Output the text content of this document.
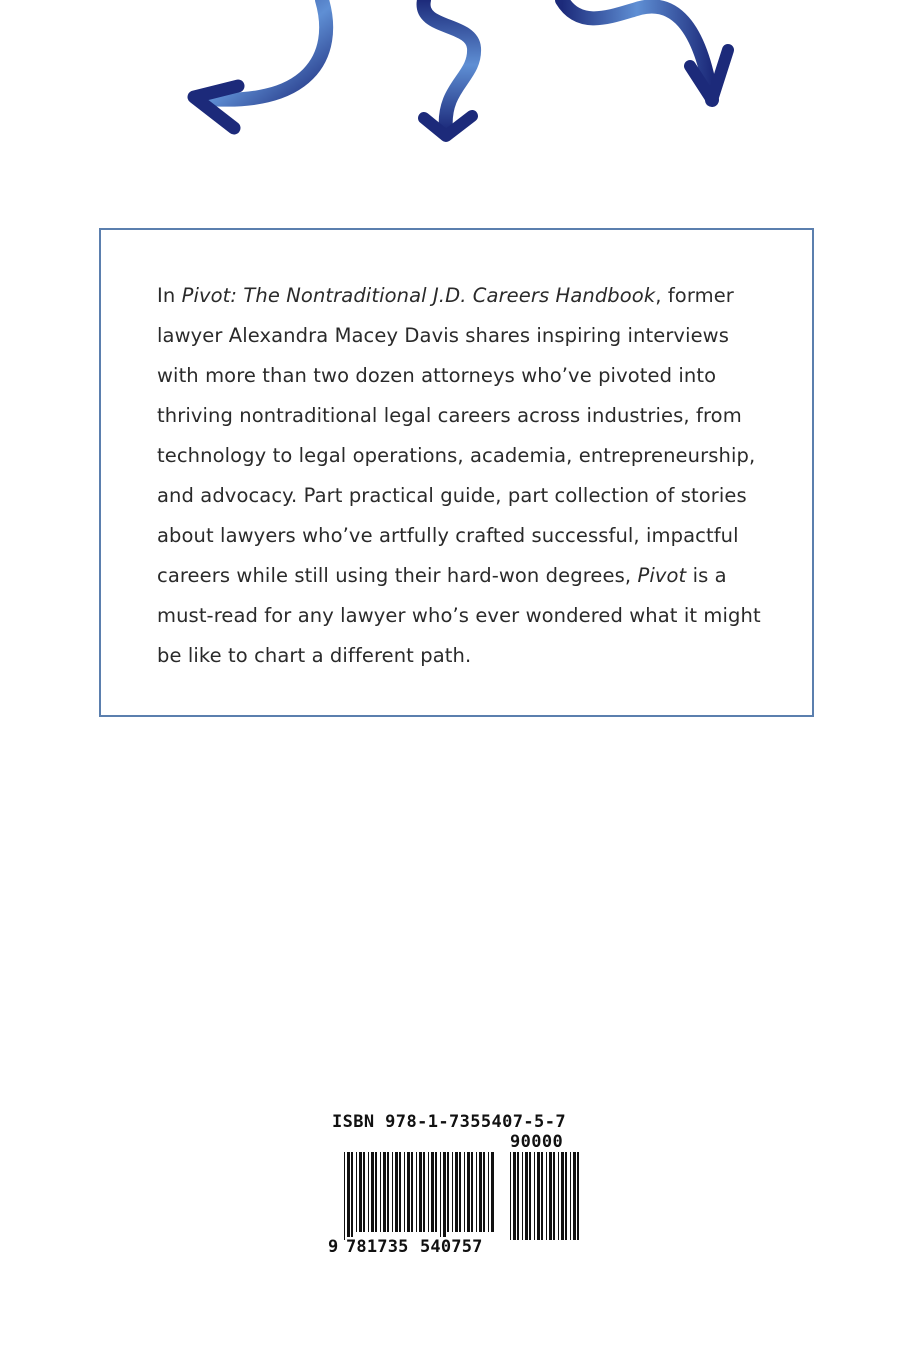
In Pivot: The Nontraditional J.D. Careers Handbook, former lawyer Alexandra Macey Davis shares inspiring interviews with more than two dozen attorneys who’ve pivoted into thriving nontraditional legal careers across industries, from technology to legal operations, academia, entrepreneurship, and advocacy. Part practical guide, part collection of stories about lawyers who’ve artfully crafted successful, impactful careers while still using their hard-won degrees, Pivot is a must-read for any lawyer who’s ever wondered what it might be like to chart a different path.

ISBN 978-1-7355407-5-7
90000
9 781735 540757
